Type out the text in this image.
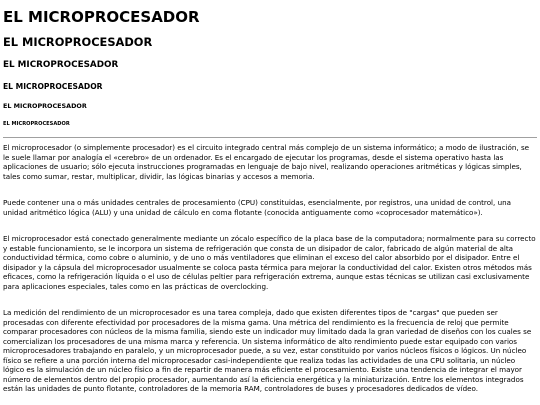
EL MICROPROCESADOR
EL MICROPROCESADOR
EL MICROPROCESADOR
EL MICROPROCESADOR
EL MICROPROCESADOR
EL MICROPROCESADOR

El microprocesador (o simplemente procesador) es el circuito integrado central más complejo de un sistema informático; a modo de ilustración, se le suele llamar por analogía el «cerebro» de un ordenador. Es el encargado de ejecutar los programas, desde el sistema operativo hasta las aplicaciones de usuario; sólo ejecuta instrucciones programadas en lenguaje de bajo nivel, realizando operaciones aritméticas y lógicas simples, tales como sumar, restar, multiplicar, dividir, las lógicas binarias y accesos a memoria.

Puede contener una o más unidades centrales de procesamiento (CPU) constituidas, esencialmente, por registros, una unidad de control, una unidad aritmético lógica (ALU) y una unidad de cálculo en coma flotante (conocida antiguamente como «coprocesador matemático»).

El microprocesador está conectado generalmente mediante un zócalo específico de la placa base de la computadora; normalmente para su correcto y estable funcionamiento, se le incorpora un sistema de refrigeración que consta de un disipador de calor, fabricado de algún material de alta conductividad térmica, como cobre o aluminio, y de uno o más ventiladores que eliminan el exceso del calor absorbido por el disipador. Entre el disipador y la cápsula del microprocesador usualmente se coloca pasta térmica para mejorar la conductividad del calor. Existen otros métodos más eficaces, como la refrigeración líquida o el uso de células peltier para refrigeración extrema, aunque estas técnicas se utilizan casi exclusivamente para aplicaciones especiales, tales como en las prácticas de overclocking.

La medición del rendimiento de un microprocesador es una tarea compleja, dado que existen diferentes tipos de "cargas" que pueden ser procesadas con diferente efectividad por procesadores de la misma gama. Una métrica del rendimiento es la frecuencia de reloj que permite comparar procesadores con núcleos de la misma familia, siendo este un indicador muy limitado dada la gran variedad de diseños con los cuales se comercializan los procesadores de una misma marca y referencia. Un sistema informático de alto rendimiento puede estar equipado con varios microprocesadores trabajando en paralelo, y un microprocesador puede, a su vez, estar constituido por varios núcleos físicos o lógicos. Un núcleo físico se refiere a una porción interna del microprocesador casi-independiente que realiza todas las actividades de una CPU solitaria, un núcleo lógico es la simulación de un núcleo físico a fin de repartir de manera más eficiente el procesamiento. Existe una tendencia de integrar el mayor número de elementos dentro del propio procesador, aumentando así la eficiencia energética y la miniaturización. Entre los elementos integrados están las unidades de punto flotante, controladores de la memoria RAM, controladores de buses y procesadores dedicados de vídeo.
